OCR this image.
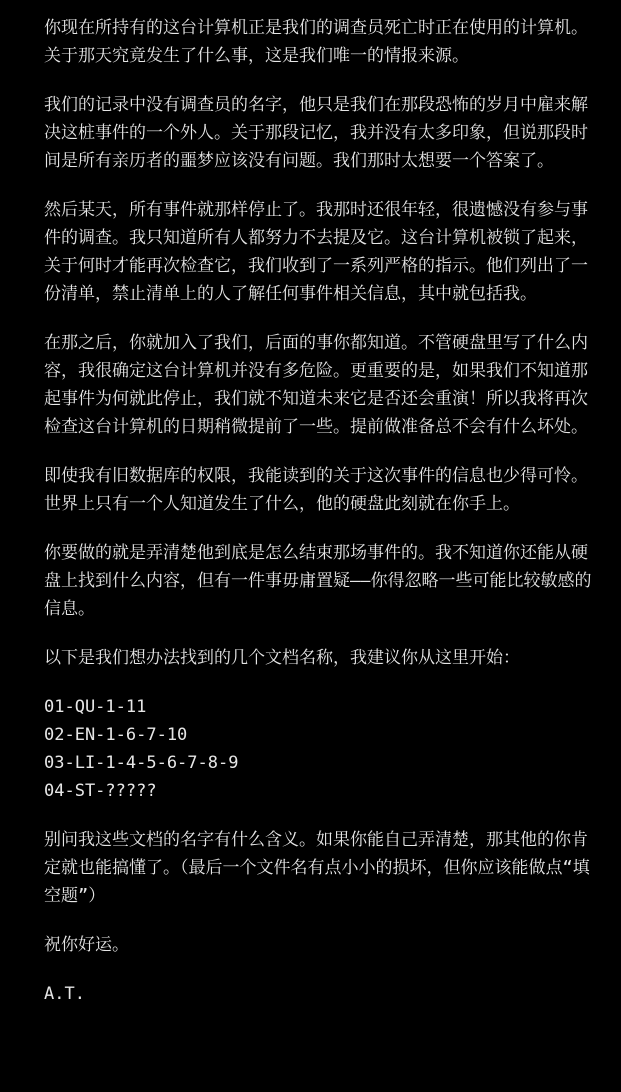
你现在所持有的这台计算机正是我们的调查员死亡时正在使用的计算机。关于那天究竟发生了什么事，这是我们唯一的情报来源。

我们的记录中没有调查员的名字，他只是我们在那段恐怖的岁月中雇来解决这桩事件的一个外人。关于那段记忆，我并没有太多印象，但说那段时间是所有亲历者的噩梦应该没有问题。我们那时太想要一个答案了。

然后某天，所有事件就那样停止了。我那时还很年轻，很遗憾没有参与事件的调查。我只知道所有人都努力不去提及它。这台计算机被锁了起来，关于何时才能再次检查它，我们收到了一系列严格的指示。他们列出了一份清单，禁止清单上的人了解任何事件相关信息，其中就包括我。

在那之后，你就加入了我们，后面的事你都知道。不管硬盘里写了什么内容，我很确定这台计算机并没有多危险。更重要的是，如果我们不知道那起事件为何就此停止，我们就不知道未来它是否还会重演！所以我将再次检查这台计算机的日期稍微提前了一些。提前做准备总不会有什么坏处。

即使我有旧数据库的权限，我能读到的关于这次事件的信息也少得可怜。世界上只有一个人知道发生了什么，他的硬盘此刻就在你手上。

你要做的就是弄清楚他到底是怎么结束那场事件的。我不知道你还能从硬盘上找到什么内容，但有一件事毋庸置疑——你得忽略一些可能比较敏感的信息。

以下是我们想办法找到的几个文档名称，我建议你从这里开始：

01-QU-1-11
02-EN-1-6-7-10
03-LI-1-4-5-6-7-8-9
04-ST-?????

别问我这些文档的名字有什么含义。如果你能自己弄清楚，那其他的你肯定就也能搞懂了。（最后一个文件名有点小小的损坏，但你应该能做点“填空题”）

祝你好运。

A.T.
